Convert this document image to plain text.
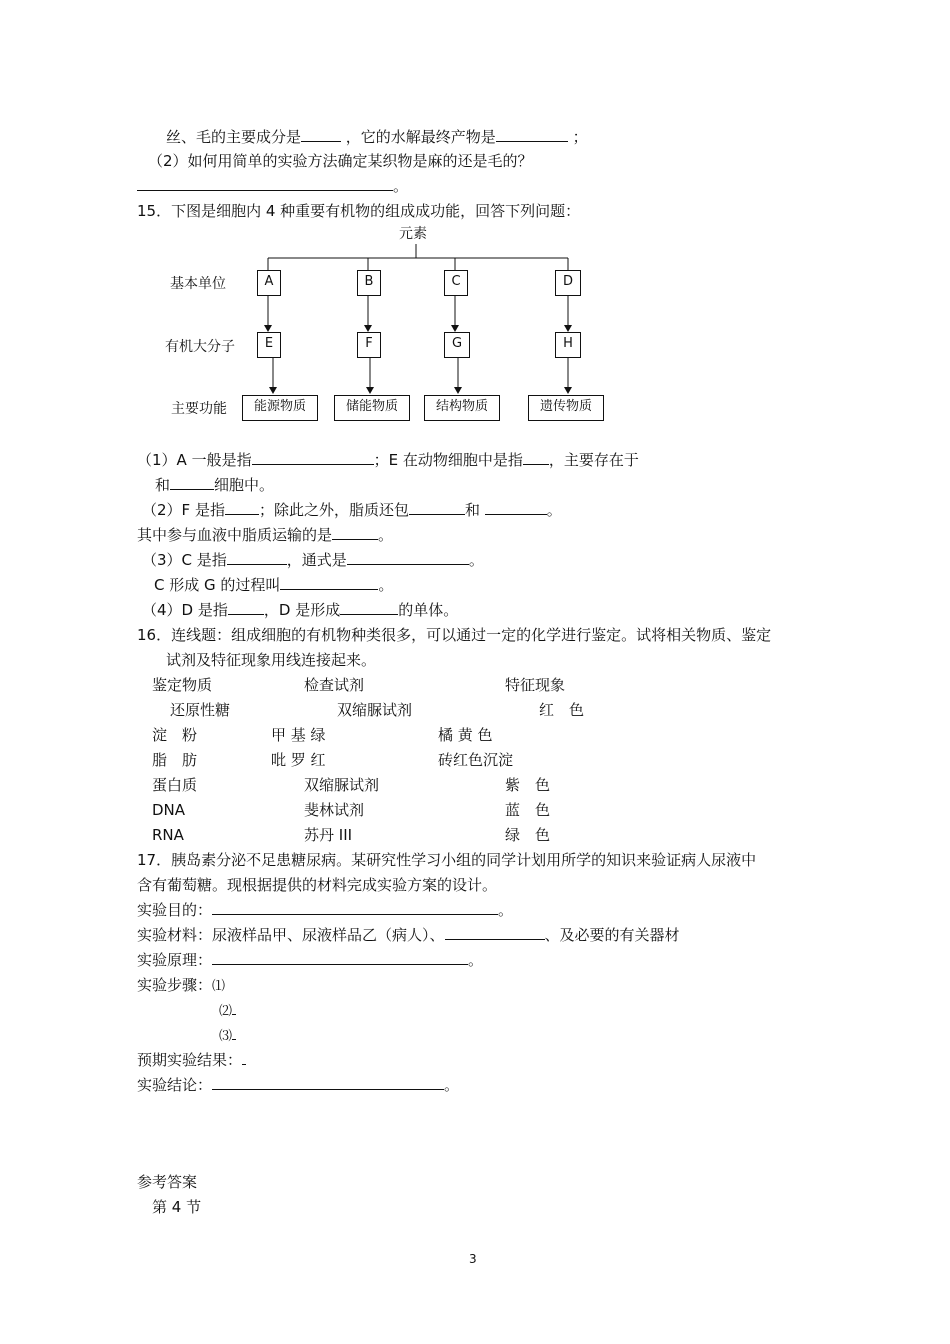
丝、毛的主要成分是	，它的水解最终产物是	；
（2）如何用简单的实验方法确定某织物是麻的还是毛的？
。
15．下图是细胞内 4 种重要有机物的组成成功能，回答下列问题：
元素
基本单位
有机大分子
主要功能
A	B	C	D
E	F	G	H
能源物质	储能物质	结构物质	遗传物质
（1）A 一般是指	；E 在动物细胞中是指 ，主要存在于
和	细胞中。
（2）F 是指 ；除此之外，脂质还包	和	。
其中参与血液中脂质运输的是	。
（3）C 是指	，通式是	。
C 形成 G 的过程叫	。
（4）D 是指 ，D 是形成	的单体。
16．连线题：组成细胞的有机物种类很多，可以通过一定的化学进行鉴定。试将相关物质、鉴定
试剂及特征现象用线连接起来。
鉴定物质	检查试剂	特征现象
还原性糖	双缩脲试剂	红　色
淀　粉	甲 基 绿	橘 黄 色
脂　肪	吡 罗 红	砖红色沉淀
蛋白质	双缩脲试剂	紫　色
DNA	斐林试剂	蓝　色
RNA	苏丹 III	绿　色
17．胰岛素分泌不足患糖尿病。某研究性学习小组的同学计划用所学的知识来验证病人尿液中
含有葡萄糖。现根据提供的材料完成实验方案的设计。
实验目的：	。
实验材料：尿液样品甲、尿液样品乙（病人）、	、及必要的有关器材
实验原理：	。
实验步骤：⑴
⑵
⑶
预期实验结果：
实验结论：	。
参考答案
第 4 节
3
